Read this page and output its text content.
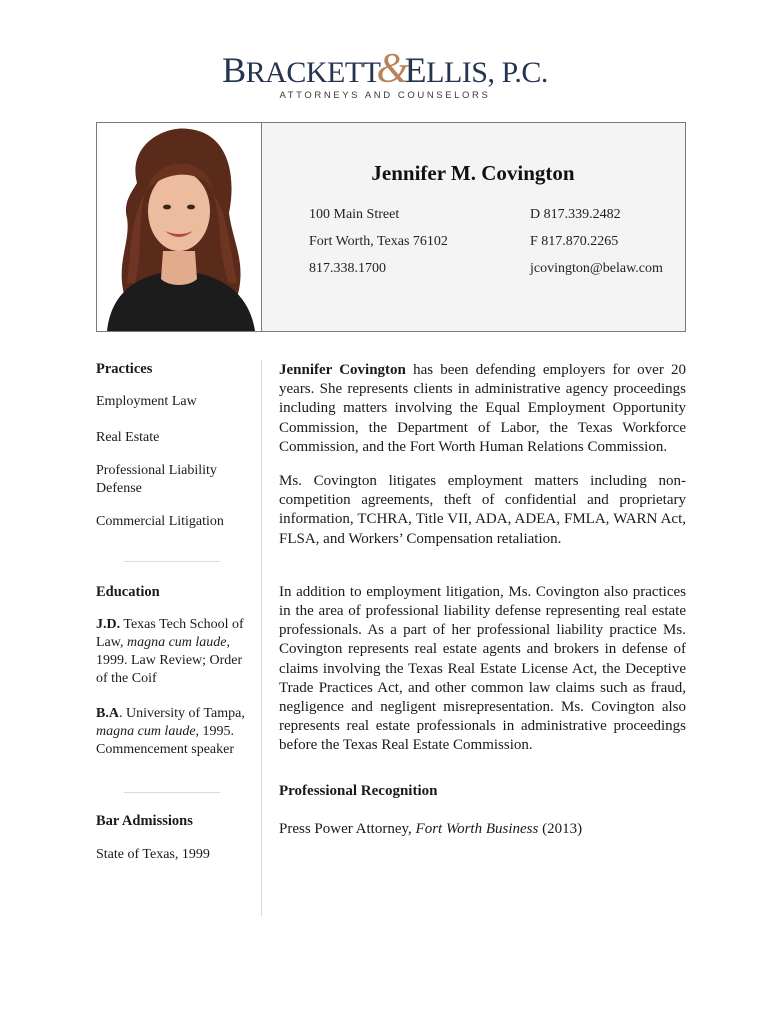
BRACKETT&ELLIS, P.C.
ATTORNEYS AND COUNSELORS
Jennifer M. Covington
100 Main Street
Fort Worth, Texas 76102
817.338.1700
D 817.339.2482
F 817.870.2265
jcovington@belaw.com
Practices
Employment Law
Real Estate
Professional Liability Defense
Commercial Litigation
Education
J.D. Texas Tech School of Law, magna cum laude, 1999. Law Review; Order of the Coif
B.A. University of Tampa, magna cum laude, 1995. Commencement speaker
Bar Admissions
State of Texas, 1999

Jennifer Covington has been defending employers for over 20 years. She represents clients in administrative agency proceedings including matters involving the Equal Employment Opportunity Commission, the Department of Labor, the Texas Workforce Commission, and the Fort Worth Human Relations Commission.

Ms. Covington litigates employment matters including non-competition agreements, theft of confidential and proprietary information, TCHRA, Title VII, ADA, ADEA, FMLA, WARN Act, FLSA, and Workers’ Compensation retaliation.

In addition to employment litigation, Ms. Covington also practices in the area of professional liability defense representing real estate professionals. As a part of her professional liability practice Ms. Covington represents real estate agents and brokers in defense of claims involving the Texas Real Estate License Act, the Deceptive Trade Practices Act, and other common law claims such as fraud, negligence and negligent misrepresentation. Ms. Covington also represents real estate professionals in administrative proceedings before the Texas Real Estate Commission.

Professional Recognition
Press Power Attorney, Fort Worth Business (2013)
